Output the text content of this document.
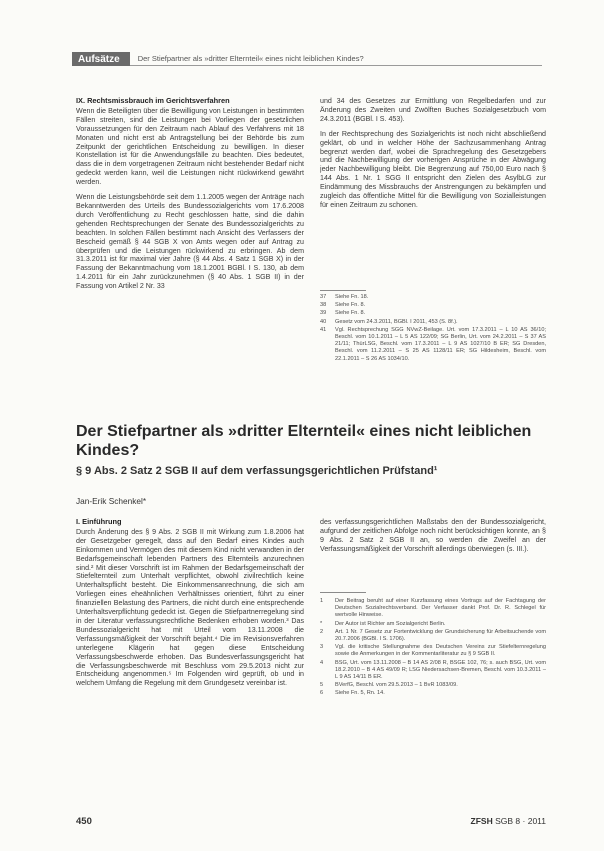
Aufsätze	Der Stiefpartner als »dritter Elternteil« eines nicht leiblichen Kindes?
IX. Rechtsmissbrauch im Gerichtsverfahren

Wenn die Beteiligten über die Bewilligung von Leistungen in bestimmten Fällen streiten, sind die Leistungen bei Vorliegen der gesetzlichen Voraussetzungen für den Zeitraum nach Ablauf des Verfahrens mit 18 Monaten und nicht erst ab Antragstellung bei der Behörde bis zum Zeitpunkt der gerichtlichen Entscheidung zu bewilligen. In dieser Konstellation ist für die Anwendungsfälle zu beachten. Dies bedeutet, dass die in dem vorgetragenen Zeitraum nicht bestehender Bedarf nicht gedeckt werden kann, weil die Leistungen nicht rückwirkend gewährt werden.

Wenn die Leistungsbehörde seit dem 1.1.2005 wegen der Anträge nach Bekanntwerden des Urteils des Bundessozialgerichts vom 17.6.2008 durch Veröffentlichung zu Recht geschlossen hatte, sind die dahin gehenden Rechtsprechungen der Senate des Bundessozialgerichts zu beachten. In solchen Fällen bestimmt nach Ansicht des Verfassers der Bescheid gemäß § 44 SGB X von Amts wegen oder auf Antrag zu überprüfen und die Leistungen rückwirkend zu erbringen. Ab dem 31.3.2011 ist für maximal vier Jahre (§ 44 Abs. 4 Satz 1 SGB X) in der Fassung der Bekanntmachung vom 18.1.2001 BGBl. I S. 130, ab dem 1.4.2011 für ein Jahr zurückzunehmen (§ 40 Abs. 1 SGB II) in der Fassung von Artikel 2 Nr. 33

und 34 des Gesetzes zur Ermittlung von Regelbedarfen und zur Änderung des Zweiten und Zwölften Buches Sozialgesetzbuch vom 24.3.2011 (BGBl. I S. 453).

In der Rechtsprechung des Sozialgerichts ist noch nicht abschließend geklärt, ob und in welcher Höhe der Sachzusammenhang Antrag begrenzt werden darf, wobei die Sprachregelung des Gesetzgebers und die Nachbewilligung der vorherigen Ansprüche in der Abwägung jeder Nachbewilligung bleibt. Die Begrenzung auf 750,00 Euro nach § 144 Abs. 1 Nr. 1 SGG II entspricht den Zielen des AsylbLG zur Eindämmung des Missbrauchs der Anstrengungen zu bekämpfen und zugleich das öffentliche Mittel für die Bewilligung von Sozialleistungen für einen Zeitraum zu schonen.

37	Siehe Fn. 18.
38	Siehe Fn. 8.
39	Siehe Fn. 8.
40	Gesetz vom 24.3.2011, BGBl. I 2011, 453 (S. 8f.).
41	Vgl. Rechtsprechung SGG NVwZ-Beilage. Urt. vom 17.3.2011 – L 10 AS 36/10; Beschl. vom 10.1.2011 – L 5 AS 122/09; SG Berlin, Urt. vom 24.2.2011 – S 37 AS 21/11; ThürLSG, Beschl. vom 17.3.2011 – L 9 AS 1027/10 B ER; SG Dresden, Beschl. vom 11.2.2011 – S 25 AS 1128/11 ER; SG Hildesheim, Beschl. vom 22.1.2011 – S 26 AS 1034/10.
Der Stiefpartner als »dritter Elternteil« eines nicht leiblichen Kindes?
§ 9 Abs. 2 Satz 2 SGB II auf dem verfassungsgerichtlichen Prüfstand¹

Jan-Erik Schenkel*

I. Einführung

Durch Änderung des § 9 Abs. 2 SGB II mit Wirkung zum 1.8.2006 hat der Gesetzgeber geregelt, dass auf den Bedarf eines Kindes auch Einkommen und Vermögen des mit diesem Kind nicht verwandten in der Bedarfsgemeinschaft lebenden Partners des Elternteils anzurechnen sind.² Mit dieser Vorschrift ist im Rahmen der Bedarfsgemeinschaft der Stiefelternteil zum Unterhalt verpflichtet, obwohl zivilrechtlich keine Unterhaltspflicht besteht. Die Einkommensanrechnung, die sich am Vorliegen eines eheähnlichen Verhältnisses orientiert, führt zu einer finanziellen Belastung des Partners, die nicht durch eine entsprechende Unterhaltsverpflichtung gedeckt ist. Gegen die Stiefpartnerregelung sind in der Literatur verfassungsrechtliche Bedenken erhoben worden.³ Das Bundessozialgericht hat mit Urteil vom 13.11.2008 die Verfassungsmäßigkeit der Vorschrift bejaht.⁴ Die im Revisionsverfahren unterlegene Klägerin hat gegen diese Entscheidung Verfassungsbeschwerde erhoben. Das Bundesverfassungsgericht hat die Verfassungsbeschwerde mit Beschluss vom 29.5.2013 nicht zur Entscheidung angenommen.⁵ Im Folgenden wird geprüft, ob und in welchem Umfang die Regelung mit dem Grundgesetz vereinbar ist.

des verfassungsgerichtlichen Maßstabs den der Bundessozialgericht, aufgrund der zeitlichen Abfolge noch nicht berücksichtigen konnte, an § 9 Abs. 2 Satz 2 SGB II an, so werden die Zweifel an der Verfassungsmäßigkeit der Vorschrift allerdings überwiegen (s. III.).

1	Der Beitrag beruht auf einer Kurzfassung eines Vortrags auf der Fachtagung der Deutschen Sozialrechtsverband. Der Verfasser dankt Prof. Dr. R. Schlegel für wertvolle Hinweise.
*	Der Autor ist Richter am Sozialgericht Berlin.
2	Art. 1 Nr. 7 Gesetz zur Fortentwicklung der Grundsicherung für Arbeitsuchende vom 20.7.2006 (BGBl. I S. 1706).
3	Vgl. die kritische Stellungnahme des Deutschen Vereins zur Stiefelternregelung sowie die Anmerkungen in der Kommentarliteratur zu § 9 SGB II.
4	BSG, Urt. vom 13.11.2008 – B 14 AS 2/08 R, BSGE 102, 76; s. auch BSG, Urt. vom 18.2.2010 – B 4 AS 49/09 R; LSG Niedersachsen-Bremen, Beschl. vom 10.3.2011 – L 9 AS 14/11 B ER.
5	BVerfG, Beschl. vom 29.5.2013 – 1 BvR 1083/09.
6	Siehe Fn. 5, Rn. 14.
450	ZFSH SGB 8 · 2011
